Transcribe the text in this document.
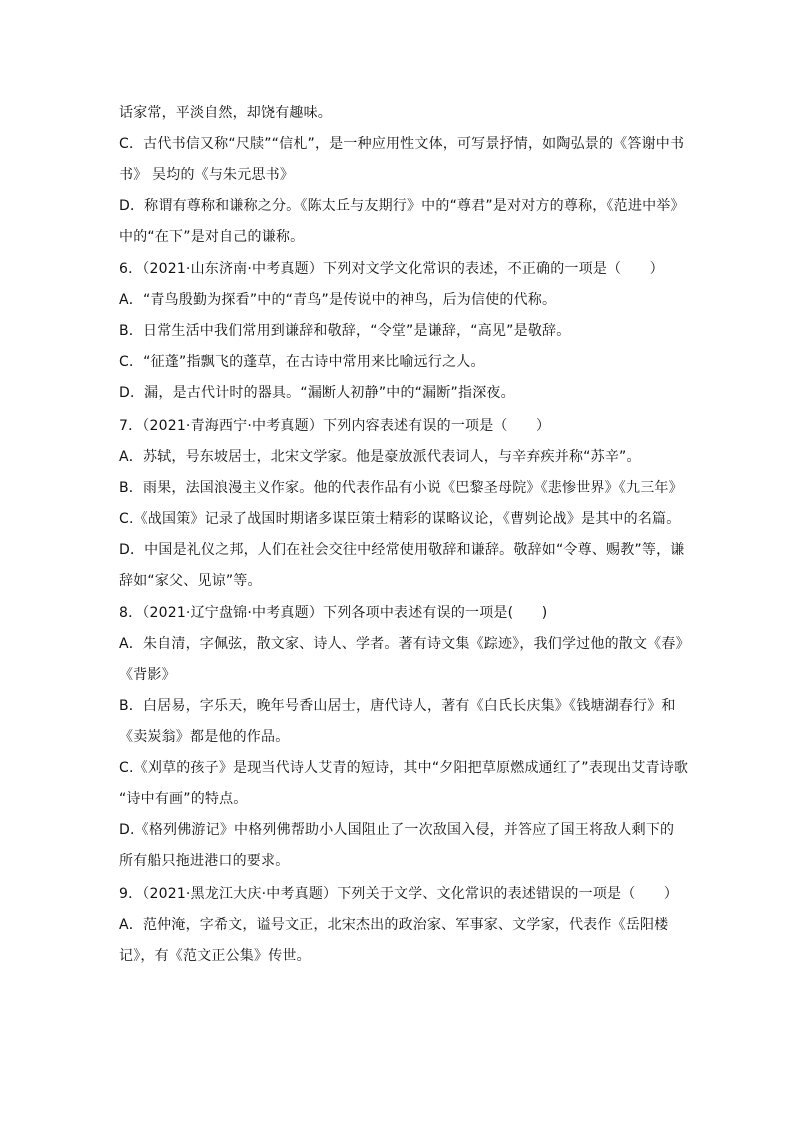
话家常，平淡自然，却饶有趣味。
C．古代书信又称“尺牍”“信札”，是一种应用性文体，可写景抒情，如陶弘景的《答谢中书
书》 吴均的《与朱元思书》
D．称谓有尊称和谦称之分。《陈太丘与友期行》中的“尊君”是对对方的尊称，《范进中举》
中的“在下”是对自己的谦称。
6．（2021·山东济南·中考真题）下列对文学文化常识的表述，不正确的一项是（　　）
A．“青鸟殷勤为探看”中的“青鸟”是传说中的神鸟，后为信使的代称。
B．日常生活中我们常用到谦辞和敬辞，“令堂”是谦辞，“高见”是敬辞。
C．“征蓬”指飘飞的蓬草，在古诗中常用来比喻远行之人。
D．漏，是古代计时的器具。“漏断人初静”中的“漏断”指深夜。
7．（2021·青海西宁·中考真题）下列内容表述有误的一项是（　　）
A．苏轼，号东坡居士，北宋文学家。他是豪放派代表词人，与辛弃疾并称“苏辛”。
B．雨果，法国浪漫主义作家。他的代表作品有小说《巴黎圣母院》《悲惨世界》《九三年》
C.《战国策》记录了战国时期诸多谋臣策士精彩的谋略议论，《曹刿论战》是其中的名篇。
D．中国是礼仪之邦，人们在社会交往中经常使用敬辞和谦辞。敬辞如“令尊、赐教”等，谦
辞如“家父、见谅”等。
8．（2021·辽宁盘锦·中考真题）下列各项中表述有误的一项是(　　)
A．朱自清，字佩弦，散文家、诗人、学者。著有诗文集《踪迹》，我们学过他的散文《春》
《背影》
B．白居易，字乐天，晚年号香山居士，唐代诗人，著有《白氏长庆集》《钱塘湖春行》和
《卖炭翁》都是他的作品。
C.《刈草的孩子》是现当代诗人艾青的短诗，其中“夕阳把草原燃成通红了”表现出艾青诗歌
“诗中有画”的特点。
D.《格列佛游记》中格列佛帮助小人国阻止了一次敌国入侵，并答应了国王将敌人剩下的
所有船只拖进港口的要求。
9．（2021·黑龙江大庆·中考真题）下列关于文学、文化常识的表述错误的一项是（　　）
A．范仲淹，字希文，谥号文正，北宋杰出的政治家、军事家、文学家，代表作《岳阳楼
记》，有《范文正公集》传世。
